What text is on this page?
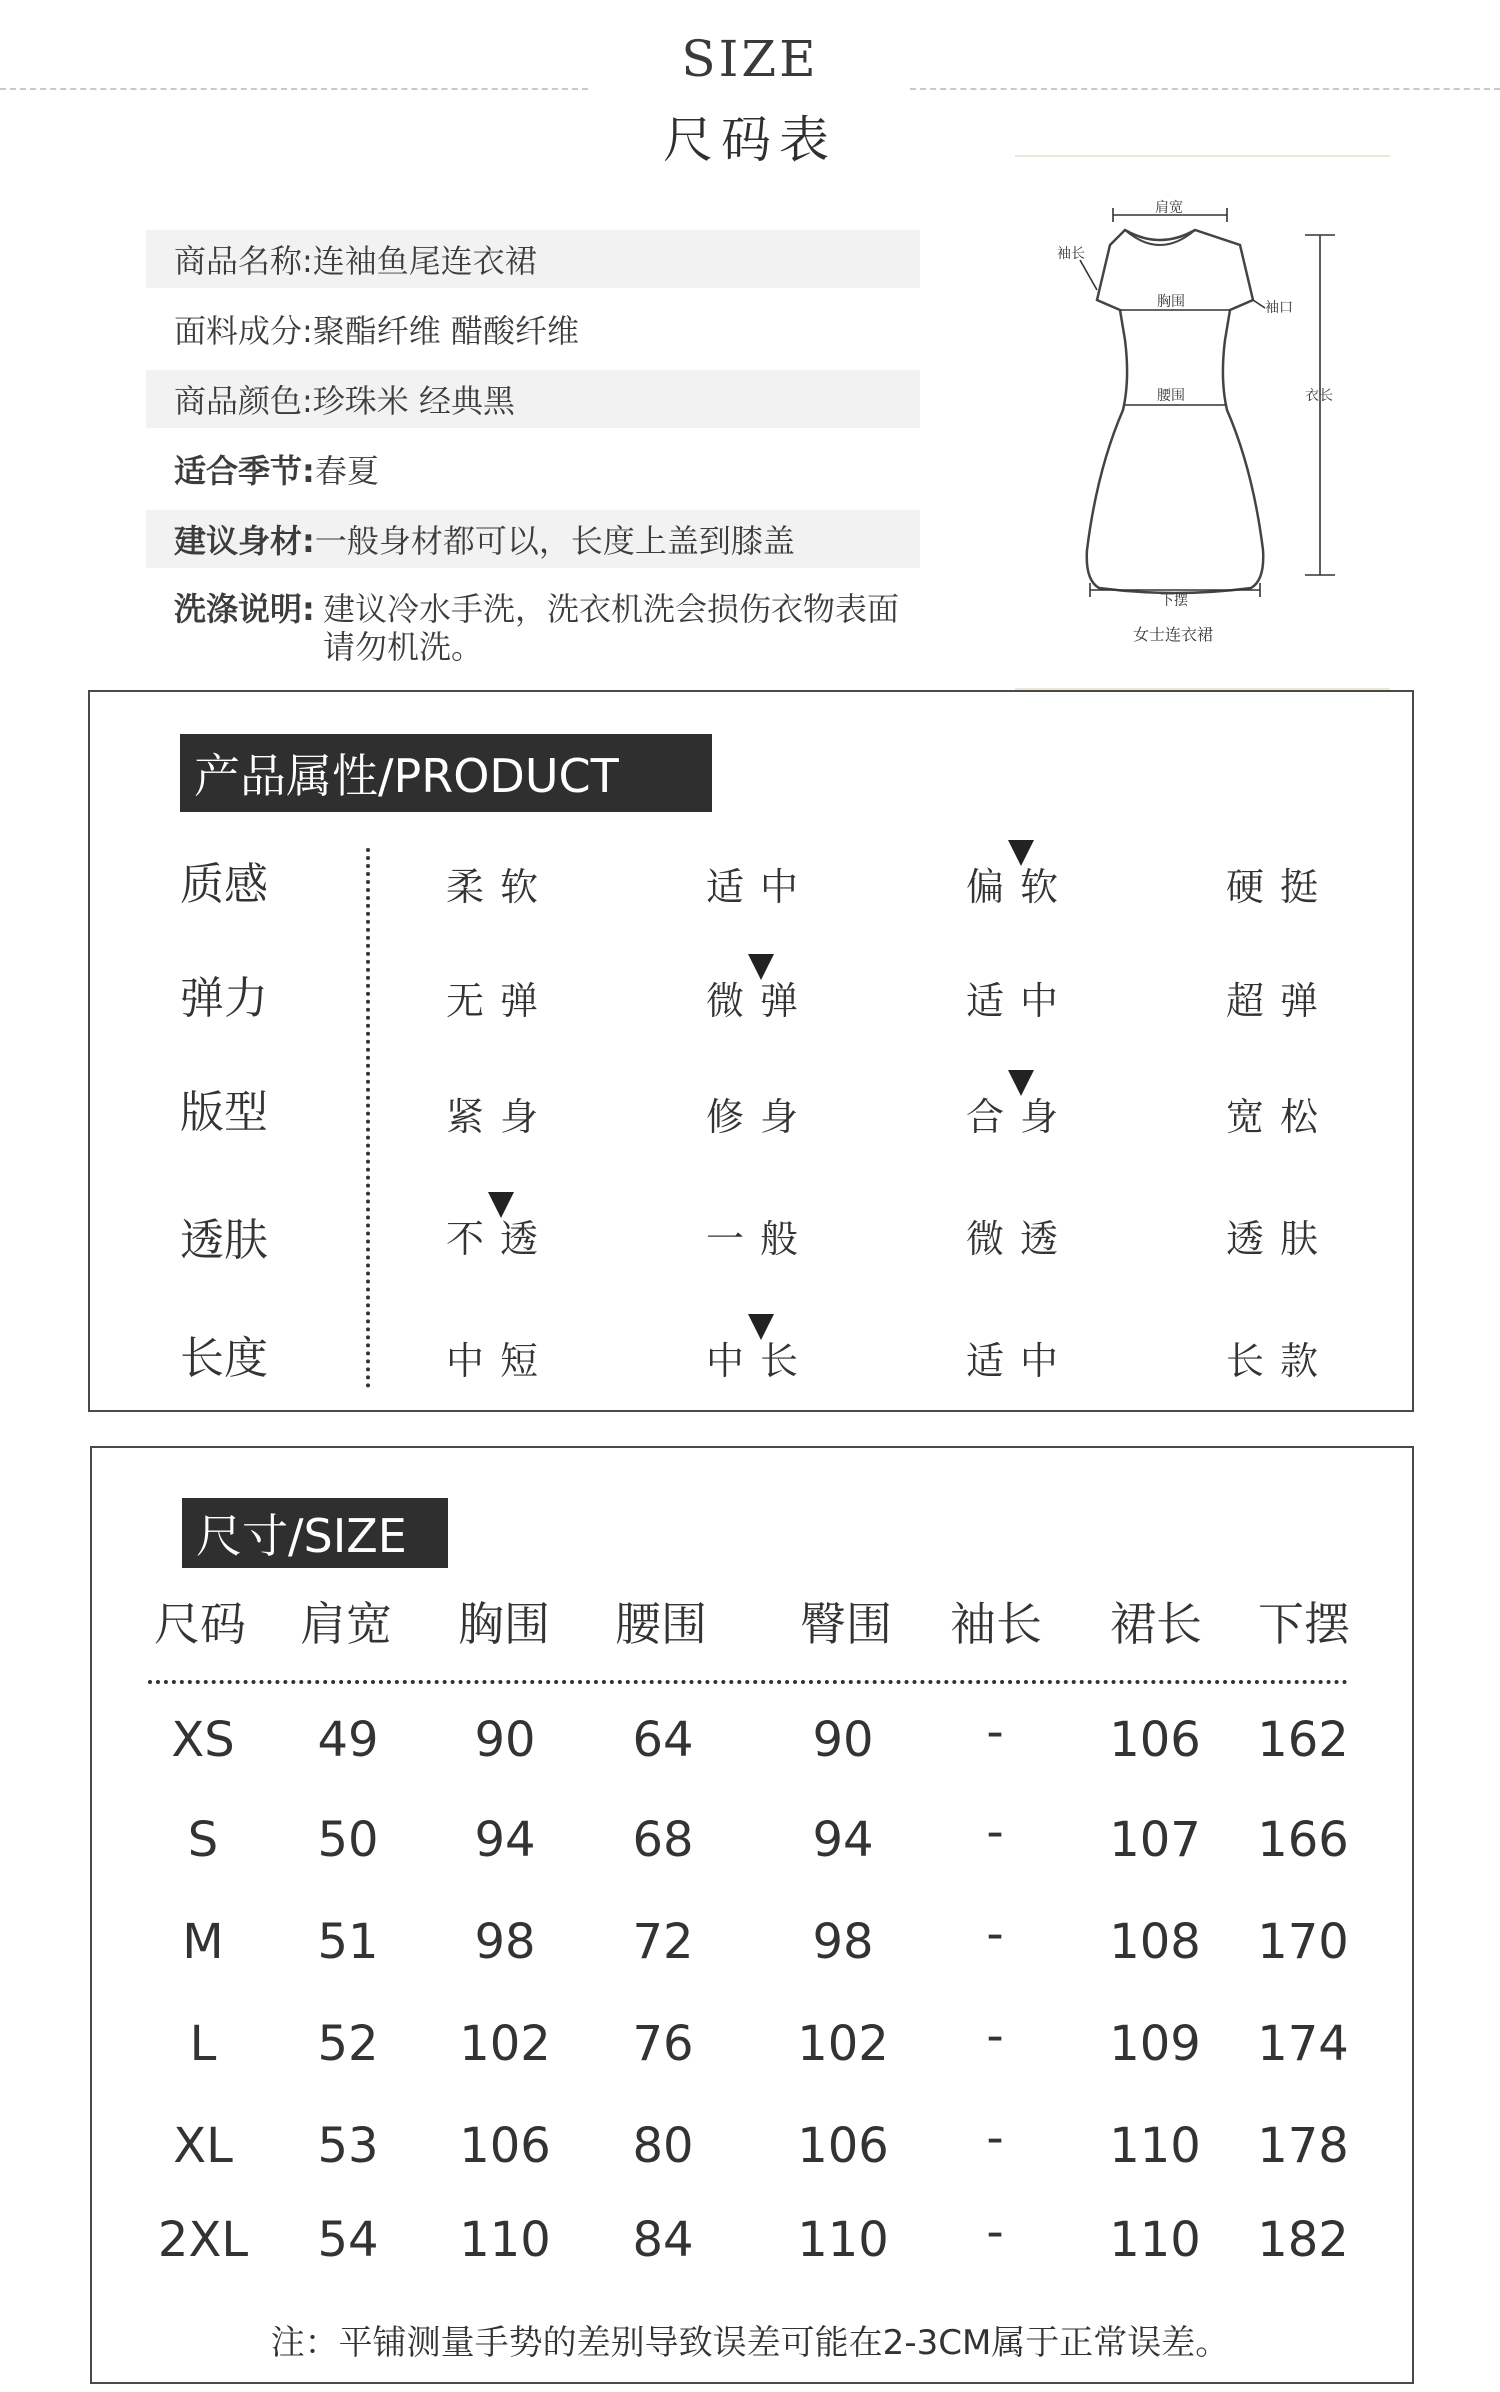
SIZE
尺码表
商品名称: 连袖鱼尾连衣裙
面料成分: 聚酯纤维 醋酸纤维
商品颜色: 珍珠米 经典黑
适合季节: 春夏
建议身材: 一般身材都可以，长度上盖到膝盖
洗涤说明: 建议冷水手洗，洗衣机洗会损伤衣物表面
请勿机洗。
肩宽
袖长
胸围	袖口
腰围	衣长
下摆
女士连衣裙
产品属性/PRODUCT
质感	柔软	适中	偏软	硬挺
弹力	无弹	微弹	适中	超弹
版型	紧身	修身	合身	宽松
透肤	不透	一般	微透	透肤
长度	中短	中长	适中	长款
尺寸/SIZE
尺码 肩宽 胸围 腰围 臀围 袖长 裙长 下摆
XS	49	90	64	90	-	106	162
S	50	94	68	94	-	107	166
M	51	98	72	98	-	108	170
L	52	102	76	102	-	109	174
XL	53	106	80	106	-	110	178
2XL	54	110	84	110	-	110	182
注：平铺测量手势的差别导致误差可能在2-3CM属于正常误差。
